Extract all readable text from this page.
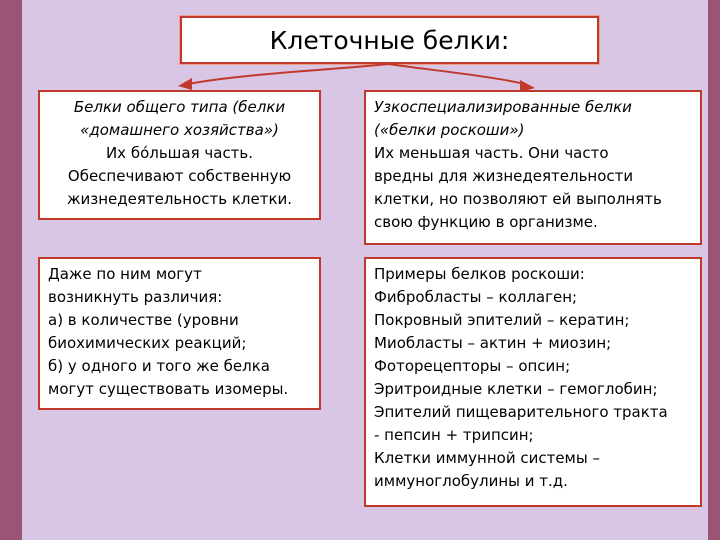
Клеточные белки:
Белки общего типа (белки
«домашнего хозяйства»)
Их бóльшая часть.
Обеспечивают собственную
жизнедеятельность клетки.
Узкоспециализированные белки
(«белки роскоши»)
Их меньшая часть. Они часто
вредны для жизнедеятельности
клетки, но позволяют ей выполнять
свою функцию в организме.
Даже по ним могут
возникнуть различия:
а) в количестве (уровни
биохимических реакций;
б) у одного и того же белка
могут существовать изомеры.
Примеры белков роскоши:
Фибробласты – коллаген;
Покровный эпителий – кератин;
Миобласты – актин + миозин;
Фоторецепторы – опсин;
Эритроидные клетки – гемоглобин;
Эпителий пищеварительного тракта
- пепсин + трипсин;
Клетки иммунной системы –
иммуноглобулины и т.д.
